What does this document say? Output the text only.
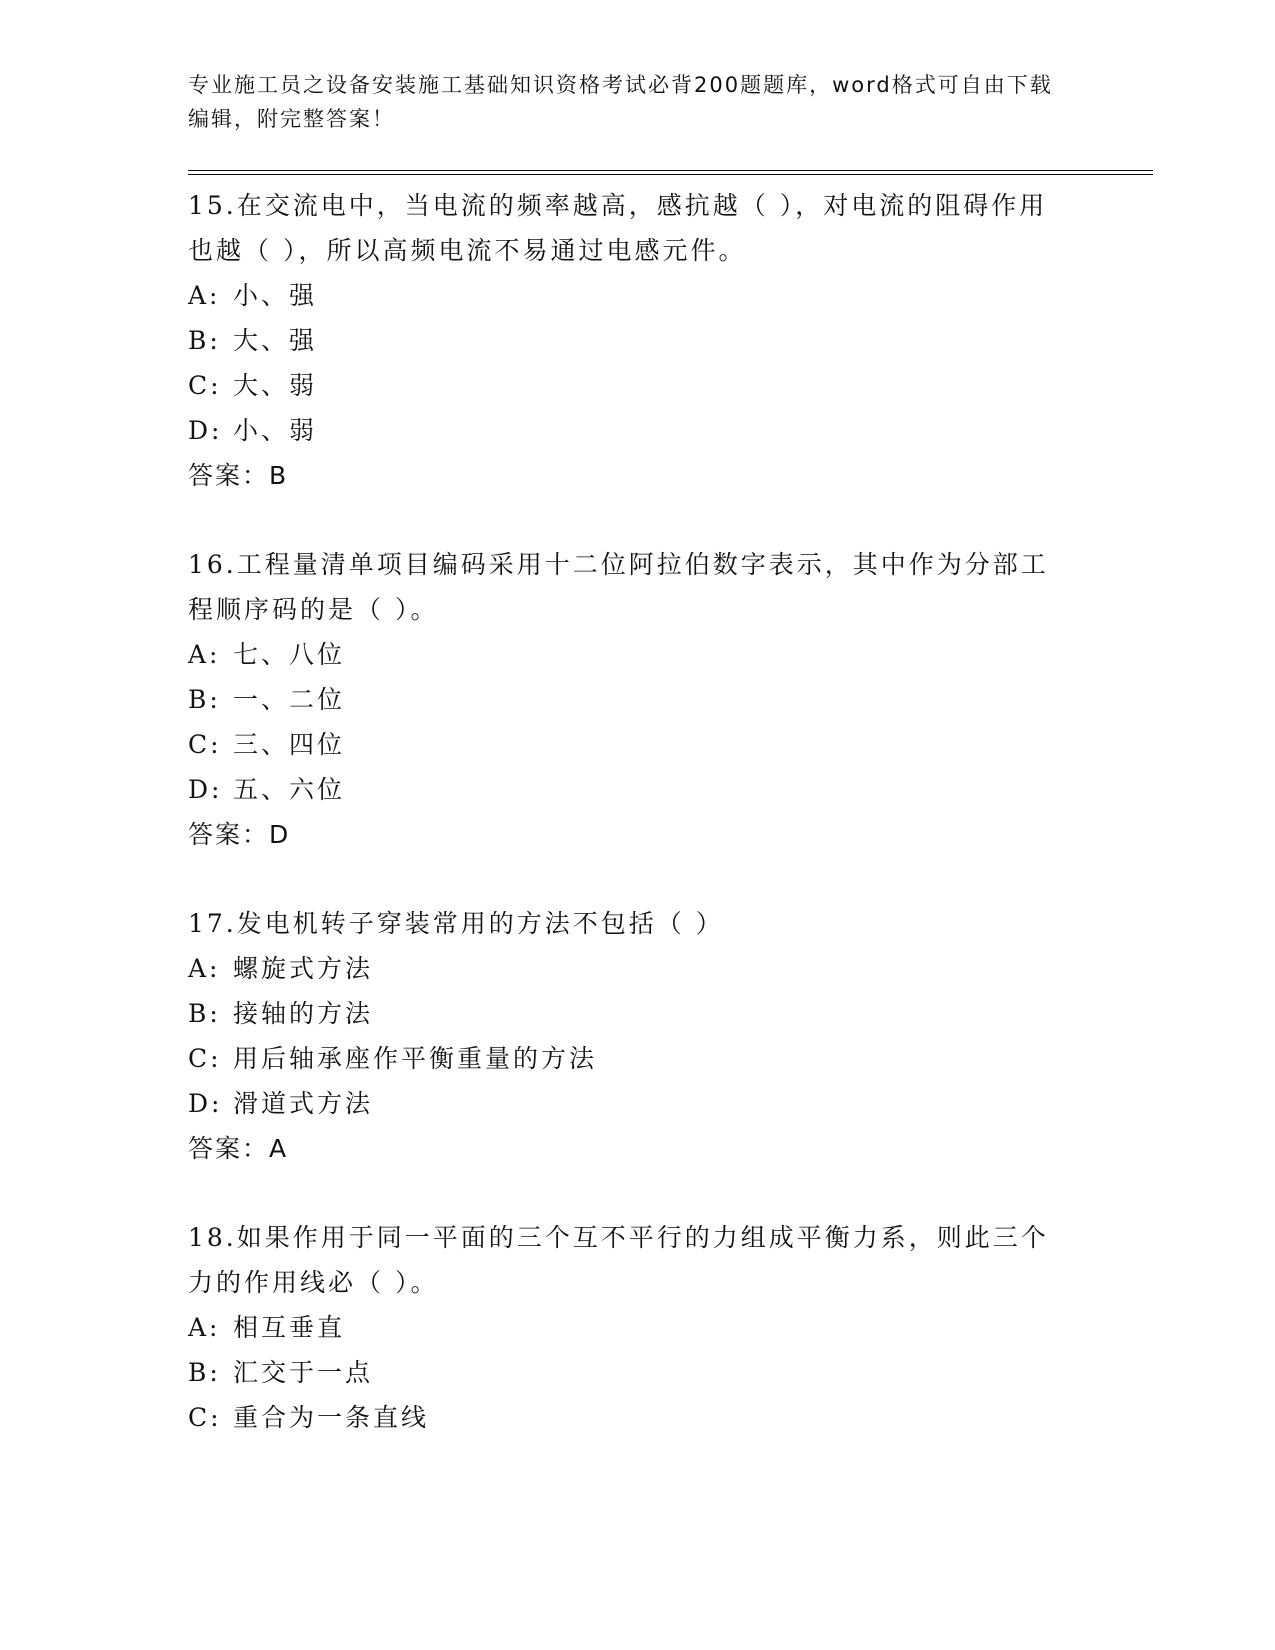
专业施工员之设备安装施工基础知识资格考试必背200题题库，word格式可自由下载编辑，附完整答案！

15.在交流电中，当电流的频率越高，感抗越（ ），对电流的阻碍作用也越（ ），所以高频电流不易通过电感元件。

A: 小、强
B: 大、强
C: 大、弱
D: 小、弱
答案：B

16.工程量清单项目编码采用十二位阿拉伯数字表示，其中作为分部工程顺序码的是（ ）。

A: 七、八位
B: 一、二位
C: 三、四位
D: 五、六位
答案：D

17.发电机转子穿装常用的方法不包括（ ）

A: 螺旋式方法
B: 接轴的方法
C: 用后轴承座作平衡重量的方法
D: 滑道式方法
答案：A

18.如果作用于同一平面的三个互不平行的力组成平衡力系，则此三个力的作用线必（ ）。

A: 相互垂直
B: 汇交于一点
C: 重合为一条直线
